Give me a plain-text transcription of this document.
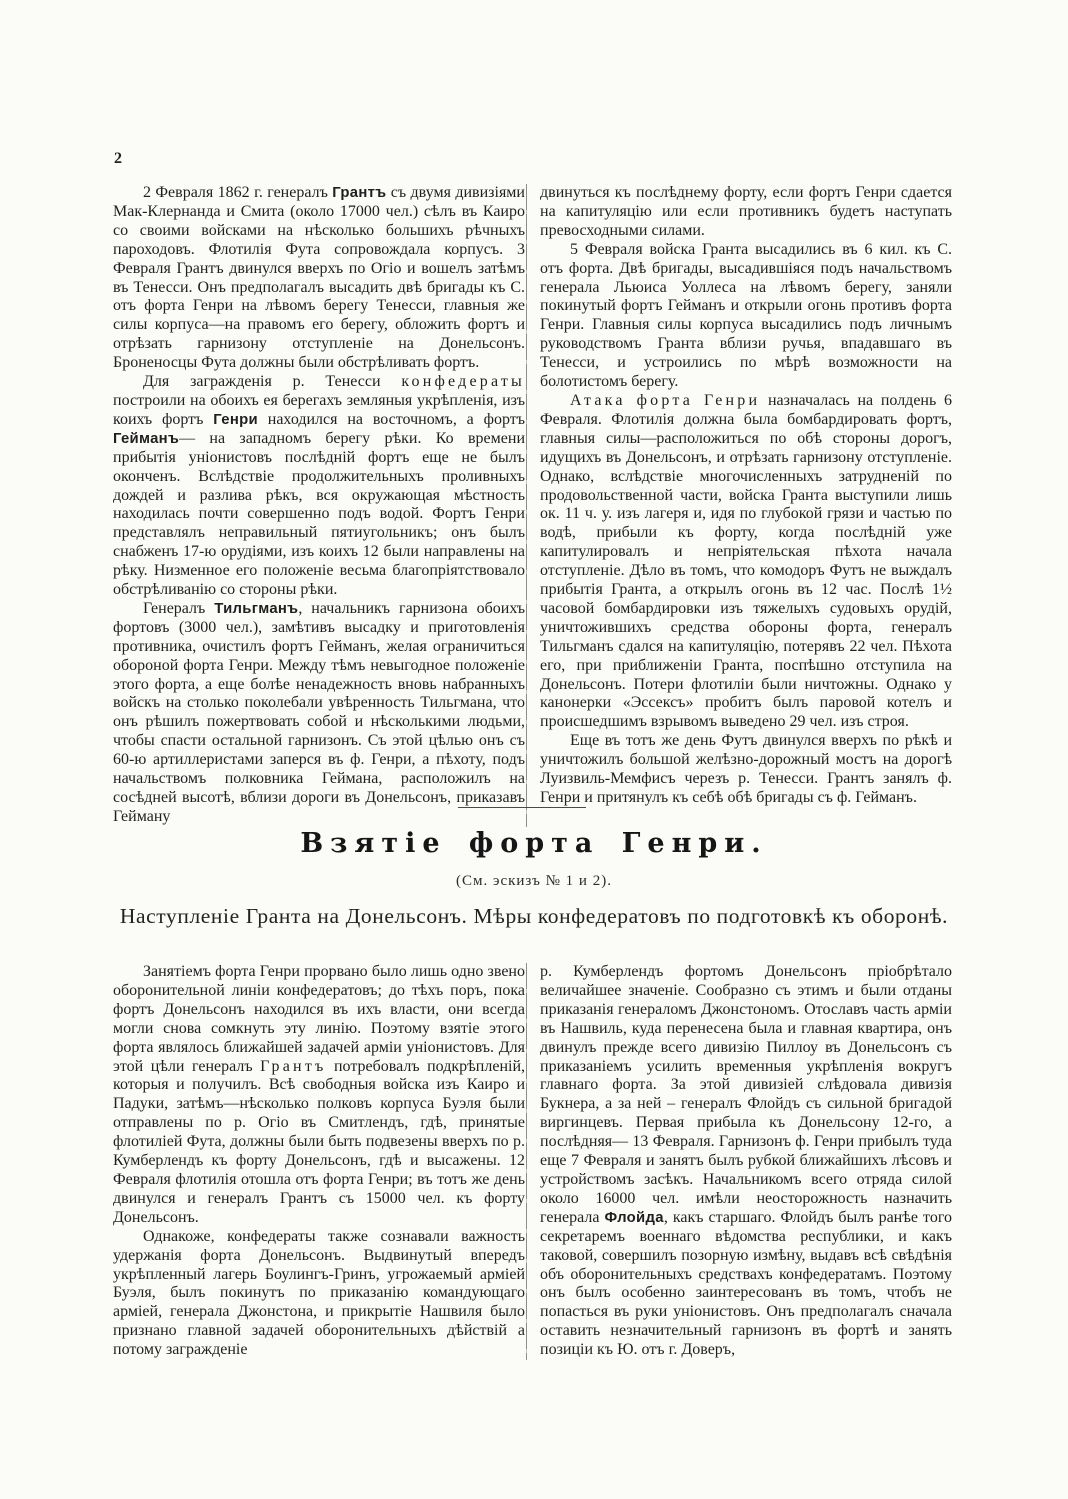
2

2 Февраля 1862 г. генералъ Грантъ съ двумя дивизіями Мак-Клернанда и Смита (около 17000 чел.) сѣлъ въ Каиро со своими войсками на нѣсколько большихъ рѣчныхъ пароходовъ. Флотилія Фута сопровождала корпусъ. 3 Февраля Грантъ двинулся вверхъ по Огіо и вошелъ затѣмъ въ Тенесси. Онъ предполагалъ высадить двѣ бригады къ С. отъ форта Генри на лѣвомъ берегу Тенесси, главныя же силы корпуса—на правомъ его берегу, обложить фортъ и отрѣзать гарнизону отступленіе на Донельсонъ. Броненосцы Фута должны были обстрѣливать фортъ.

Для загражденія р. Тенесси конфедераты построили на обоихъ ея берегахъ земляныя укрѣпленія, изъ коихъ фортъ Генри находился на восточномъ, а фортъ Гейманъ— на западномъ берегу рѣки. Ко времени прибытія уніонистовъ послѣдній фортъ еще не былъ оконченъ. Вслѣдствіе продолжительныхъ проливныхъ дождей и разлива рѣкъ, вся окружающая мѣстность находилась почти совершенно подъ водой. Фортъ Генри представлялъ неправильный пятиугольникъ; онъ былъ снабженъ 17-ю орудіями, изъ коихъ 12 были направлены на рѣку. Низменное его положеніе весьма благопріятствовало обстрѣливанію со стороны рѣки.

Генералъ Тильгманъ, начальникъ гарнизона обоихъ фортовъ (3000 чел.), замѣтивъ высадку и приготовленія противника, очистилъ фортъ Гейманъ, желая ограничиться обороной форта Генри. Между тѣмъ невыгодное положеніе этого форта, а еще болѣе ненадежность вновь набранныхъ войскъ на столько поколебали увѣренность Тильгмана, что онъ рѣшилъ пожертвовать собой и нѣсколькими людьми, чтобы спасти остальной гарнизонъ. Съ этой цѣлью онъ съ 60-ю артиллеристами заперся въ ф. Генри, а пѣхоту, подъ начальствомъ полковника Геймана, расположилъ на сосѣдней высотѣ, вблизи дороги въ Донельсонъ, приказавъ Гейману

двинуться къ послѣднему форту, если фортъ Генри сдается на капитуляцію или если противникъ будетъ наступать превосходными силами.

5 Февраля войска Гранта высадились въ 6 кил. къ С. отъ форта. Двѣ бригады, высадившіяся подъ начальствомъ генерала Льюиса Уоллеса на лѣвомъ берегу, заняли покинутый фортъ Гейманъ и открыли огонь противъ форта Генри. Главныя силы корпуса высадились подъ личнымъ руководствомъ Гранта вблизи ручья, впадавшаго въ Тенесси, и устроились по мѣрѣ возможности на болотистомъ берегу.

Атака форта Генри назначалась на полдень 6 Февраля. Флотилія должна была бомбардировать фортъ, главныя силы—расположиться по обѣ стороны дорогъ, идущихъ въ Донельсонъ, и отрѣзать гарнизону отступленіе. Однако, вслѣдствіе многочисленныхъ затрудненій по продовольственной части, войска Гранта выступили лишь ок. 11 ч. у. изъ лагеря и, идя по глубокой грязи и частью по водѣ, прибыли къ форту, когда послѣдній уже капитулировалъ и непріятельская пѣхота начала отступленіе. Дѣло въ томъ, что комодоръ Футъ не выждалъ прибытія Гранта, а открылъ огонь въ 12 час. Послѣ 1½ часовой бомбардировки изъ тяжелыхъ судовыхъ орудій, уничтожившихъ средства обороны форта, генералъ Тильгманъ сдался на капитуляцію, потерявъ 22 чел. Пѣхота его, при приближеніи Гранта, поспѣшно отступила на Донельсонъ. Потери флотиліи были ничтожны. Однако у канонерки «Эссексъ» пробитъ былъ паровой котелъ и происшедшимъ взрывомъ выведено 29 чел. изъ строя.

Еще въ тотъ же день Футъ двинулся вверхъ по рѣкѣ и уничтожилъ большой желѣзно-дорожный мостъ на дорогѣ Луизвиль-Мемфисъ черезъ р. Тенесси. Грантъ занялъ ф. Генри и притянулъ къ себѣ обѣ бригады съ ф. Гейманъ.

Взятіе форта Генри.
(См. эскизъ № 1 и 2).
Наступленіе Гранта на Донельсонъ. Мѣры конфедератовъ по подготовкѣ къ оборонѣ.

Занятіемъ форта Генри прорвано было лишь одно звено оборонительной линіи конфедератовъ; до тѣхъ поръ, пока фортъ Донельсонъ находился въ ихъ власти, они всегда могли снова сомкнуть эту линію. Поэтому взятіе этого форта являлось ближайшей задачей арміи уніонистовъ. Для этой цѣли генералъ Грантъ потребовалъ подкрѣпленій, которыя и получилъ. Всѣ свободныя войска изъ Каиро и Падуки, затѣмъ—нѣсколько полковъ корпуса Буэля были отправлены по р. Огіо въ Смитлендъ, гдѣ, принятые флотиліей Фута, должны были быть подвезены вверхъ по р. Кумберлендъ къ форту Донельсонъ, гдѣ и высажены. 12 Февраля флотилія отошла отъ форта Генри; въ тотъ же день двинулся и генералъ Грантъ съ 15000 чел. къ форту Донельсонъ.

Однакоже, конфедераты также сознавали важность удержанія форта Донельсонъ. Выдвинутый впередъ укрѣпленный лагерь Боулингъ-Гринъ, угрожаемый арміей Буэля, былъ покинутъ по приказанію командующаго арміей, генерала Джонстона, и прикрытіе Нашвиля было признано главной задачей оборонительныхъ дѣйствій а потому загражденіе

р. Кумберлендъ фортомъ Донельсонъ пріобрѣтало величайшее значеніе. Сообразно съ этимъ и были отданы приказанія генераломъ Джонстономъ. Отославъ часть арміи въ Нашвиль, куда перенесена была и главная квартира, онъ двинулъ прежде всего дивизію Пиллоу въ Донельсонъ съ приказаніемъ усилить временныя укрѣпленія вокругъ главнаго форта. За этой дивизіей слѣдовала дивизія Букнера, а за ней – генералъ Флойдъ съ сильной бригадой виргинцевъ. Первая прибыла къ Донельсону 12-го, а послѣдняя— 13 Февраля. Гарнизонъ ф. Генри прибылъ туда еще 7 Февраля и занятъ былъ рубкой ближайшихъ лѣсовъ и устройствомъ засѣкъ. Начальникомъ всего отряда силой около 16000 чел. имѣли неосторожность назначить генерала Флойда, какъ старшаго. Флойдъ былъ ранѣе того секретаремъ военнаго вѣдомства республики, и какъ таковой, совершилъ позорную измѣну, выдавъ всѣ свѣдѣнія объ оборонительныхъ средствахъ конфедератамъ. Поэтому онъ былъ особенно заинтересованъ въ томъ, чтобъ не попасться въ руки уніонистовъ. Онъ предполагалъ сначала оставить незначительный гарнизонъ въ фортѣ и занять позиціи къ Ю. отъ г. Доверъ,
